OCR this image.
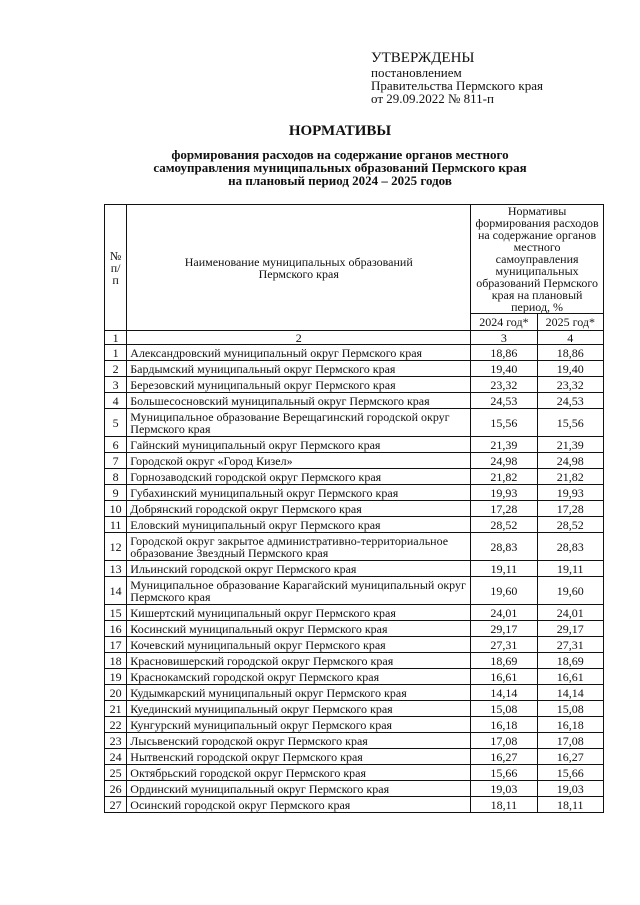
УТВЕРЖДЕНЫ
постановлением
Правительства Пермского края
от 29.09.2022 № 811-п
НОРМАТИВЫ
формирования расходов на содержание органов местного
самоуправления муниципальных образований Пермского края
на плановый период 2024 – 2025 годов
№ п/п	Наименование муниципальных образований Пермского края	Нормативы формирования расходов на содержание органов местного самоуправления муниципальных образований Пермского края на плановый период, %	
		2024 год*	2025 год*
1	2	3	4
1	Александровский муниципальный округ Пермского края	18,86	18,86
2	Бардымский муниципальный округ Пермского края	19,40	19,40
3	Березовский муниципальный округ Пермского края	23,32	23,32
4	Большесосновский муниципальный округ Пермского края	24,53	24,53
5	Муниципальное образование Верещагинский городской округ Пермского края	15,56	15,56
6	Гайнский муниципальный округ Пермского края	21,39	21,39
7	Городской округ «Город Кизел»	24,98	24,98
8	Горнозаводский городской округ Пермского края	21,82	21,82
9	Губахинский муниципальный округ Пермского края	19,93	19,93
10	Добрянский городской округ Пермского края	17,28	17,28
11	Еловский муниципальный округ Пермского края	28,52	28,52
12	Городской округ закрытое административно-территориальное образование Звездный Пермского края	28,83	28,83
13	Ильинский городской округ Пермского края	19,11	19,11
14	Муниципальное образование Карагайский муниципальный округ Пермского края	19,60	19,60
15	Кишертский муниципальный округ Пермского края	24,01	24,01
16	Косинский муниципальный округ Пермского края	29,17	29,17
17	Кочевский муниципальный округ Пермского края	27,31	27,31
18	Красновишерский городской округ Пермского края	18,69	18,69
19	Краснокамский городской округ Пермского края	16,61	16,61
20	Кудымкарский муниципальный округ Пермского края	14,14	14,14
21	Куединский муниципальный округ Пермского края	15,08	15,08
22	Кунгурский муниципальный округ Пермского края	16,18	16,18
23	Лысьвенский городской округ Пермского края	17,08	17,08
24	Нытвенский городской округ Пермского края	16,27	16,27
25	Октябрьский городской округ Пермского края	15,66	15,66
26	Ординский муниципальный округ Пермского края	19,03	19,03
27	Осинский городской округ Пермского края	18,11	18,11
